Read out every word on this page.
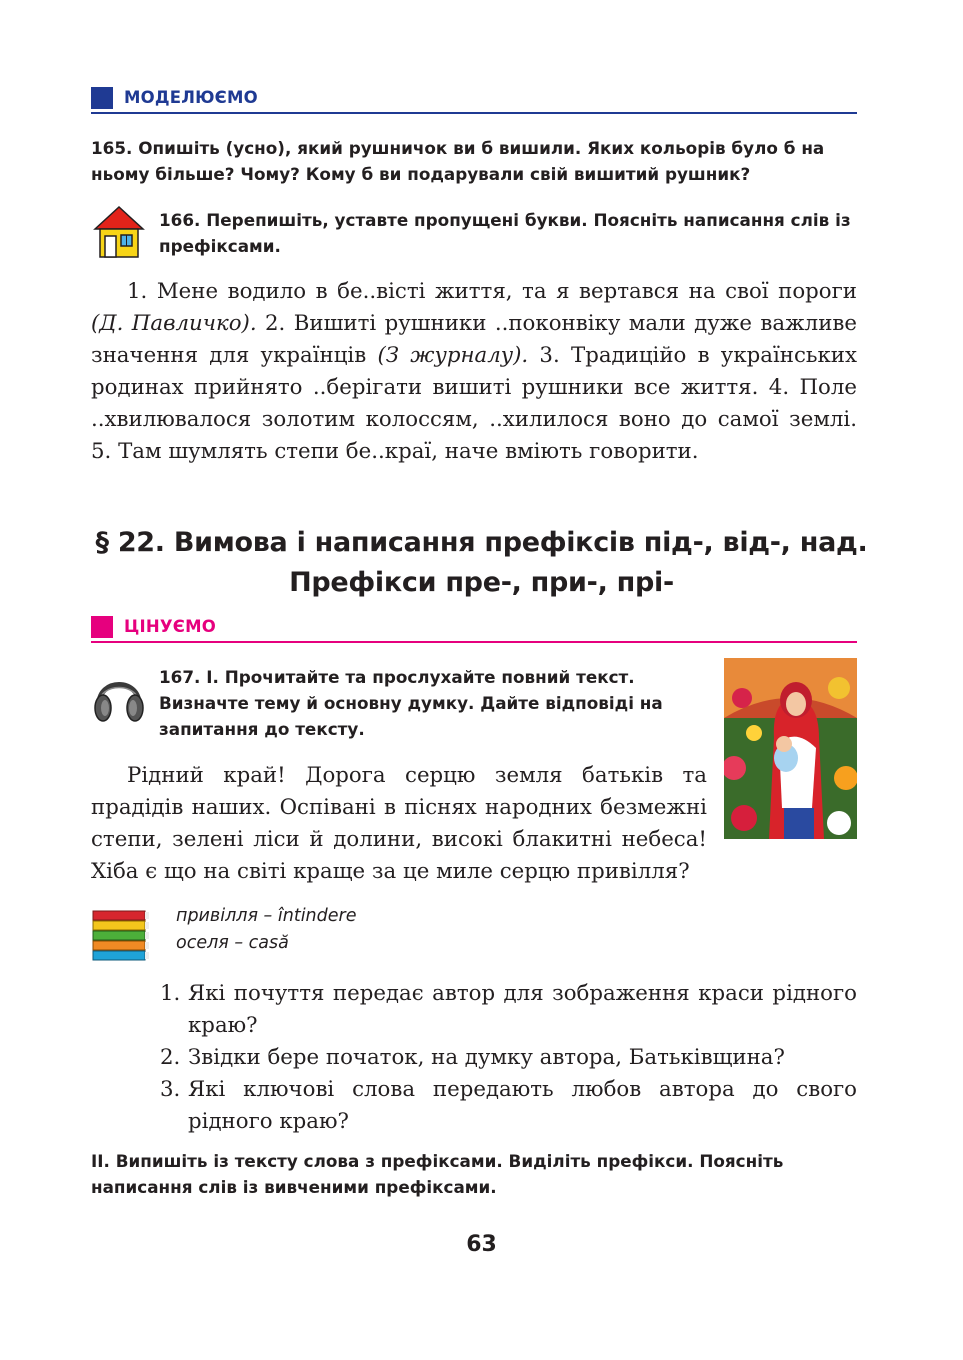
МОДЕЛЮЄМО
165. Опишіть (усно), який рушничок ви б вишили. Яких кольорів було б на ньому більше? Чому? Кому б ви подарували свій вишитий рушник?
166. Перепишіть, уставте пропущені букви. Поясніть написання слів із префіксами.

1. Мене водило в бе..вісті життя, та я вертався на свої пороги (Д. Павличко). 2. Вишиті рушники ..поконвіку мали дуже важливе значення для українців (З журналу). 3. Традиційо в українських родинах прийнято ..берігати вишиті рушники все життя. 4. Поле ..хвилювалося золотим колоссям, ..хилилося воно до самої землі. 5. Там шумлять степи бе..краї, наче вміють говорити.

§ 22. Вимова і написання префіксів під-, від-, над.
Префікси пре-, при-, прі-
ЦІНУЄМО
167. І. Прочитайте та прослухайте повний текст. Визначте тему й основну думку. Дайте відповіді на запитання до тексту.

Рідний край! Дорога серцю земля батьків та прадідів наших. Оспівані в піснях народних безмежні степи, зелені ліси й долини, високі блакитні небеса! Хіба є що на світі краще за це миле серцю привілля?

привілля – întindere
оселя – casă
1. Які почуття передає автор для зображення краси рідного краю?
2. Звідки бере початок, на думку автора, Батьківщина?
3. Які ключові слова передають любов автора до свого рідного краю?
ІІ. Випишіть із тексту слова з префіксами. Виділіть префікси. Поясніть написання слів із вивченими префіксами.
63
